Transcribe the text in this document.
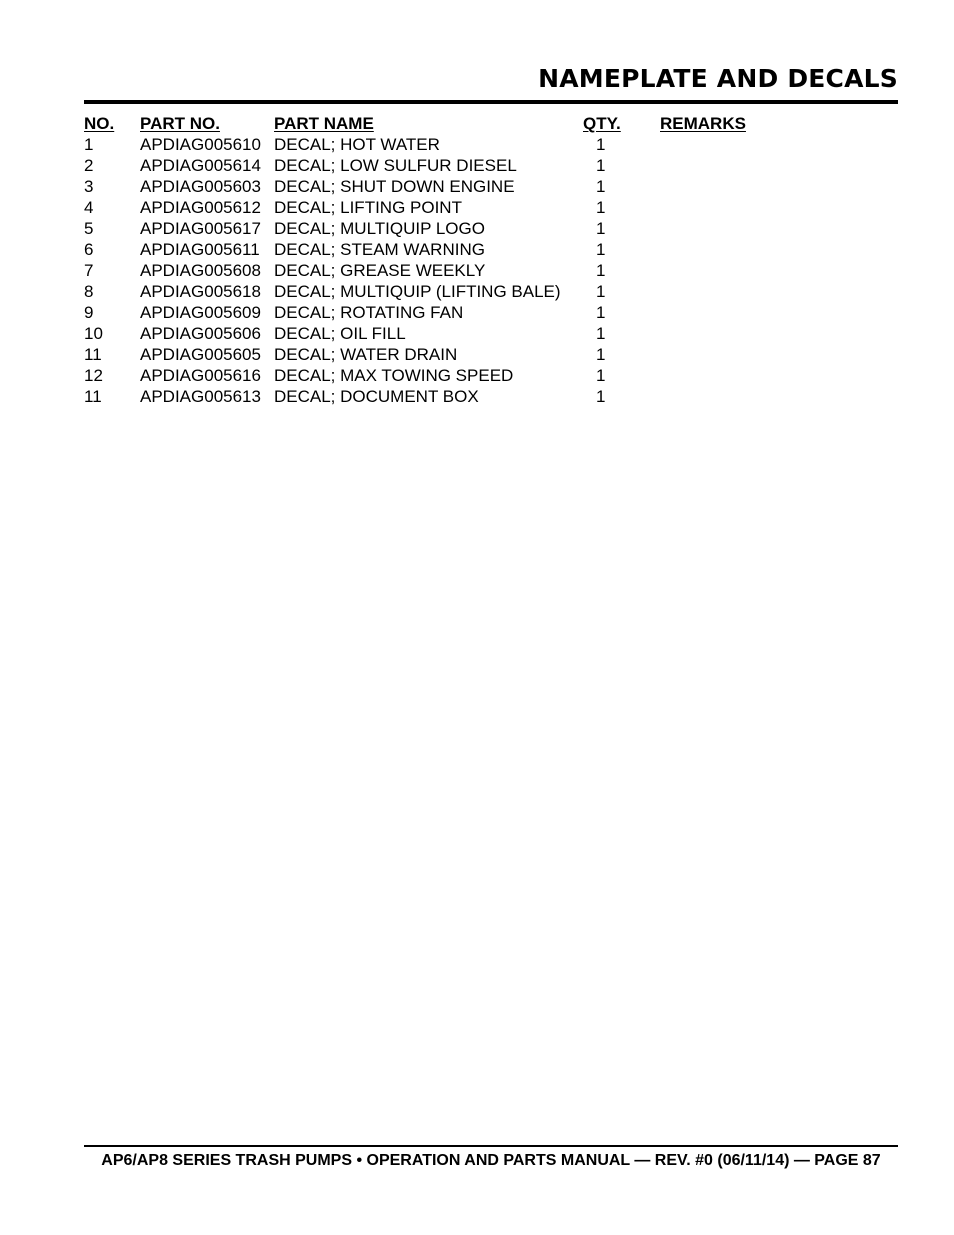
NAMEPLATE AND DECALS
NO. PART NO.	PART NAME	QTY. REMARKS
1	APDIAG005610 DECAL; HOT WATER	1
2	APDIAG005614 DECAL; LOW SULFUR DIESEL	1
3	APDIAG005603 DECAL; SHUT DOWN ENGINE	1
4	APDIAG005612 DECAL; LIFTING POINT	1
5	APDIAG005617 DECAL; MULTIQUIP LOGO	1
6	APDIAG005611 DECAL; STEAM WARNING	1
7	APDIAG005608 DECAL; GREASE WEEKLY	1
8	APDIAG005618 DECAL; MULTIQUIP (LIFTING BALE) 1
9	APDIAG005609 DECAL; ROTATING FAN	1
10 APDIAG005606 DECAL; OIL FILL	1
11 APDIAG005605 DECAL; WATER DRAIN	1
12 APDIAG005616 DECAL; MAX TOWING SPEED	1
11 APDIAG005613 DECAL; DOCUMENT BOX	1
AP6/AP8 SERIES TRASH PUMPS • OPERATION AND PARTS MANUAL — REV. #0 (06/11/14) — PAGE 87
